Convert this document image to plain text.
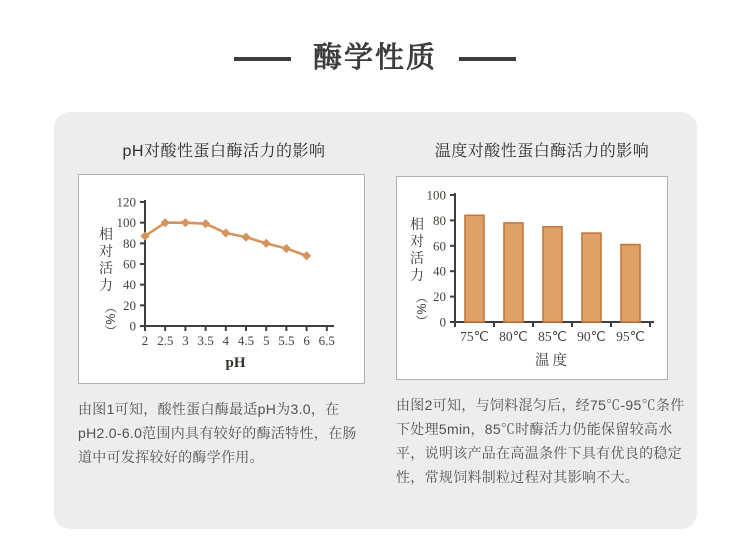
酶学性质
pH对酸性蛋白酶活力的影响
0
20
40
60
80
100
120
2 2.5 3 3.5 4 4.5 5 5.5 6 6.5
pH
相
对
活
力
（%）

由图1可知，酸性蛋白酶最适pH为3.0，在pH2.0-6.0范围内具有较好的酶活特性，在肠道中可发挥较好的酶学作用。

温度对酸性蛋白酶活力的影响
0
20
40
60
80
100
75℃ 80℃ 85℃ 90℃ 95℃
温度
相
对
活
力
（%）

由图2可知，与饲料混匀后，经75℃-95℃条件下处理5min，85℃时酶活力仍能保留较高水平，说明该产品在高温条件下具有优良的稳定性，常规饲料制粒过程对其影响不大。
